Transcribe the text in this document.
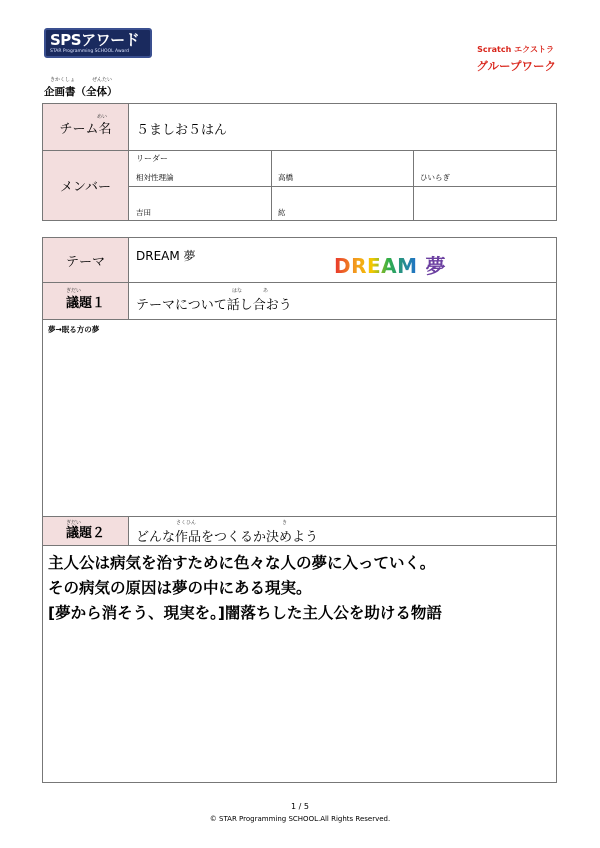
SPSアワード
STAR Programming SCHOOL Award	Scratch エクストラ
グループワーク
きかくしょ	ぜんたい
企画書（全体）
チーム名
めい
５ましお５はん
メンバー
リーダー
相対性理論	高橋	ひいらぎ
吉田	紘
テーマ	DREAM 夢	DREAM 夢
議題１
ぎだい	はな	あ
テーマについて話し合おう
夢→眠る方の夢
議題２
ぎだい	さくひん	き
どんな作品をつくるか決めよう
主人公は病気を治すために色々な人の夢に入っていく。
その病気の原因は夢の中にある現実。
[夢から消そう、現実を。]闇落ちした主人公を助ける物語
1 / 5
© STAR Programming SCHOOL.All Rights Reserved.
